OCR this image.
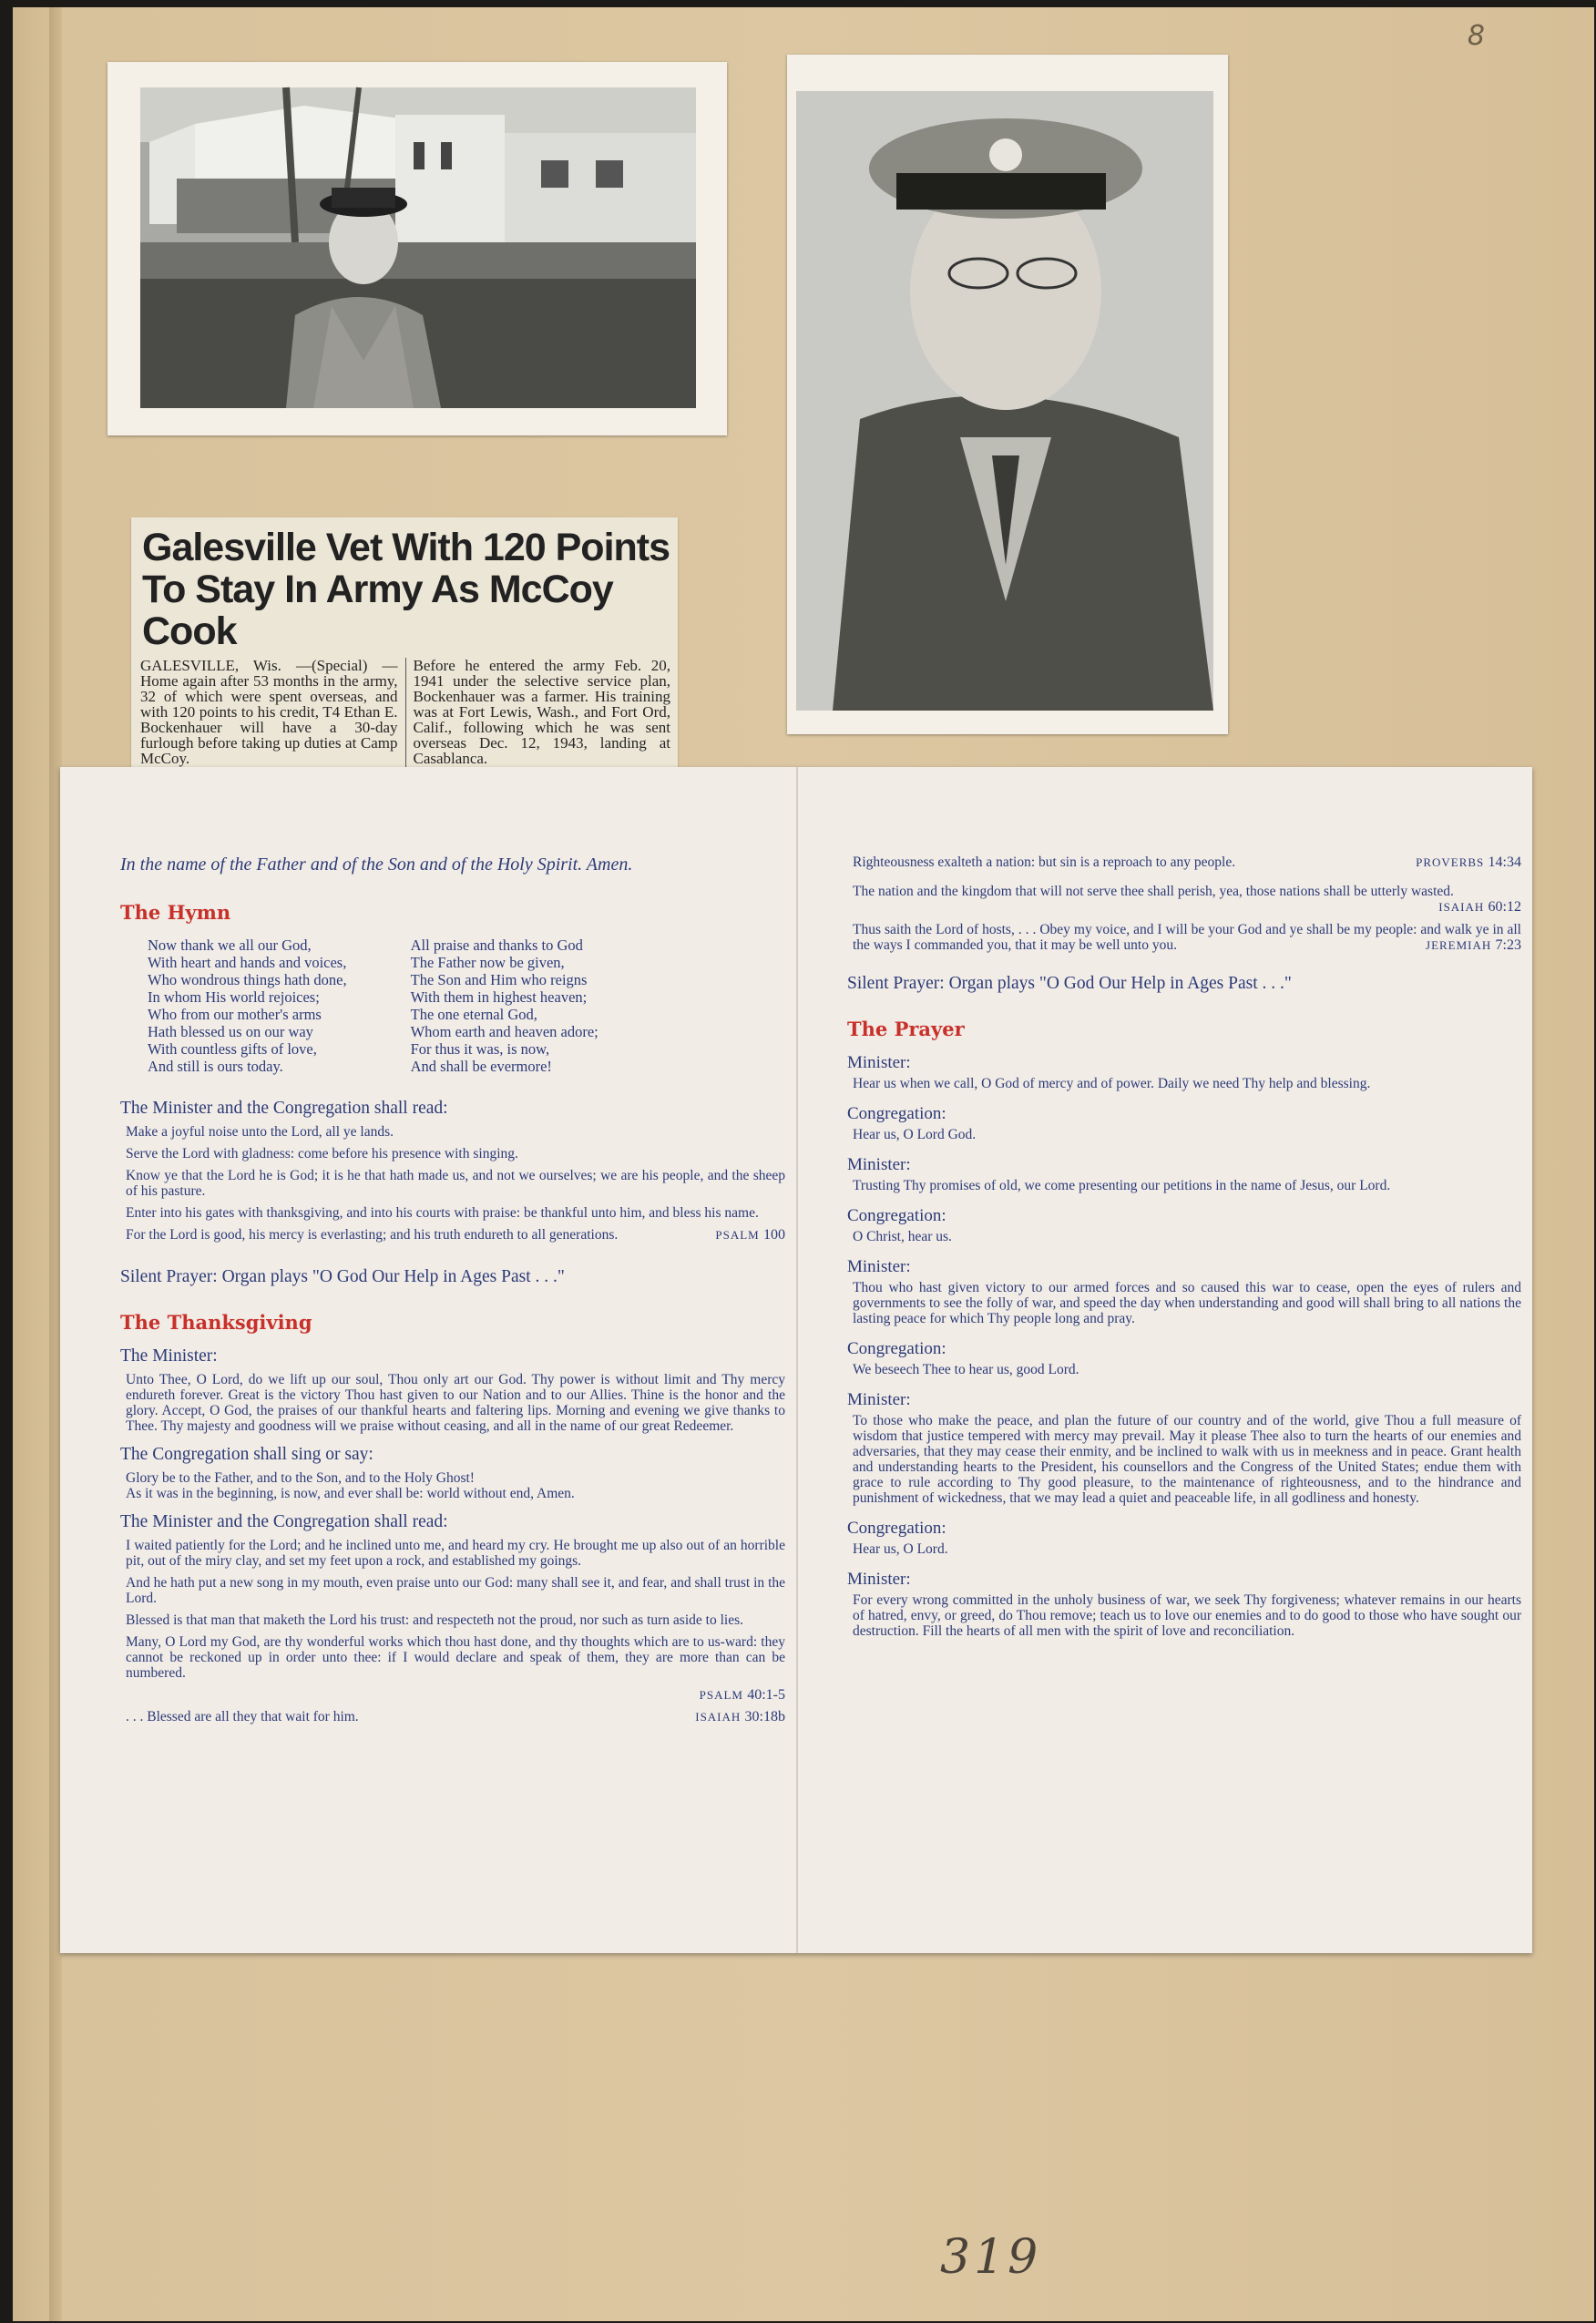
8
Galesville Vet With 120 Points
To Stay In Army As McCoy Cook

GALESVILLE, Wis. —(Special) —Home again after 53 months in the army, 32 of which were spent overseas, and with 120 points to his credit, T4 Ethan E. Bockenhauer will have a 30-day furlough before taking up duties at Camp McCoy.

Before he entered the army Feb. 20, 1941 under the selective service plan, Bockenhauer was a farmer. His training was at Fort Lewis, Wash., and Fort Ord, Calif., following which he was sent overseas Dec. 12, 1943, landing at Casablanca.

In the name of the Father and of the Son and of the Holy Spirit. Amen.
The Hymn
Now thank we all our God,
With heart and hands and voices,
Who wondrous things hath done,
In whom His world rejoices;
Who from our mother's arms
Hath blessed us on our way
With countless gifts of love,
And still is ours today.
All praise and thanks to God
The Father now be given,
The Son and Him who reigns
With them in highest heaven;
The one eternal God,
Whom earth and heaven adore;
For thus it was, is now,
And shall be evermore!
The Minister and the Congregation shall read:
Make a joyful noise unto the Lord, all ye lands.
Serve the Lord with gladness: come before his presence with singing.
Know ye that the Lord he is God; it is he that hath made us, and not we ourselves; we are his people, and the sheep of his pasture.
Enter into his gates with thanksgiving, and into his courts with praise: be thankful unto him, and bless his name.
For the Lord is good, his mercy is everlasting; and his truth endureth to all generations.	PSALM 100
Silent Prayer: Organ plays "O God Our Help in Ages Past . . ."
The Thanksgiving
The Minister:
Unto Thee, O Lord, do we lift up our soul, Thou only art our God. Thy power is without limit and Thy mercy endureth forever. Great is the victory Thou hast given to our Nation and to our Allies. Thine is the honor and the glory. Accept, O God, the praises of our thankful hearts and faltering lips. Morning and evening we give thanks to Thee. Thy majesty and goodness will we praise without ceasing, and all in the name of our great Redeemer.
The Congregation shall sing or say:
Glory be to the Father, and to the Son, and to the Holy Ghost!
As it was in the beginning, is now, and ever shall be: world without end, Amen.
The Minister and the Congregation shall read:
I waited patiently for the Lord; and he inclined unto me, and heard my cry. He brought me up also out of an horrible pit, out of the miry clay, and set my feet upon a rock, and established my goings.
And he hath put a new song in my mouth, even praise unto our God: many shall see it, and fear, and shall trust in the Lord.
Blessed is that man that maketh the Lord his trust: and respecteth not the proud, nor such as turn aside to lies.
Many, O Lord my God, are thy wonderful works which thou hast done, and thy thoughts which are to us-ward: they cannot be reckoned up in order unto thee: if I would declare and speak of them, they are more than can be numbered.
PSALM 40:1-5
. . . Blessed are all they that wait for him.	ISAIAH 30:18b
Righteousness exalteth a nation: but sin is a reproach to any people.	PROVERBS 14:34
The nation and the kingdom that will not serve thee shall perish, yea, those nations shall be utterly wasted.
ISAIAH 60:12
Thus saith the Lord of hosts, . . . Obey my voice, and I will be your God and ye shall be my people: and walk ye in all the ways I commanded you, that it may be well unto you.	JEREMIAH 7:23
Silent Prayer: Organ plays "O God Our Help in Ages Past . . ."
The Prayer
Minister:
Hear us when we call, O God of mercy and of power. Daily we need Thy help and blessing.
Congregation:
Hear us, O Lord God.
Minister:
Trusting Thy promises of old, we come presenting our petitions in the name of Jesus, our Lord.
Congregation:
O Christ, hear us.
Minister:
Thou who hast given victory to our armed forces and so caused this war to cease, open the eyes of rulers and governments to see the folly of war, and speed the day when understanding and good will shall bring to all nations the lasting peace for which Thy people long and pray.
Congregation:
We beseech Thee to hear us, good Lord.
Minister:
To those who make the peace, and plan the future of our country and of the world, give Thou a full measure of wisdom that justice tempered with mercy may prevail. May it please Thee also to turn the hearts of our enemies and adversaries, that they may cease their enmity, and be inclined to walk with us in meekness and in peace. Grant health and understanding hearts to the President, his counsellors and the Congress of the United States; endue them with grace to rule according to Thy good pleasure, to the maintenance of righteousness, and to the hindrance and punishment of wickedness, that we may lead a quiet and peaceable life, in all godliness and honesty.
Congregation:
Hear us, O Lord.
Minister:
For every wrong committed in the unholy business of war, we seek Thy forgiveness; whatever remains in our hearts of hatred, envy, or greed, do Thou remove; teach us to love our enemies and to do good to those who have sought our destruction. Fill the hearts of all men with the spirit of love and reconciliation.
319
